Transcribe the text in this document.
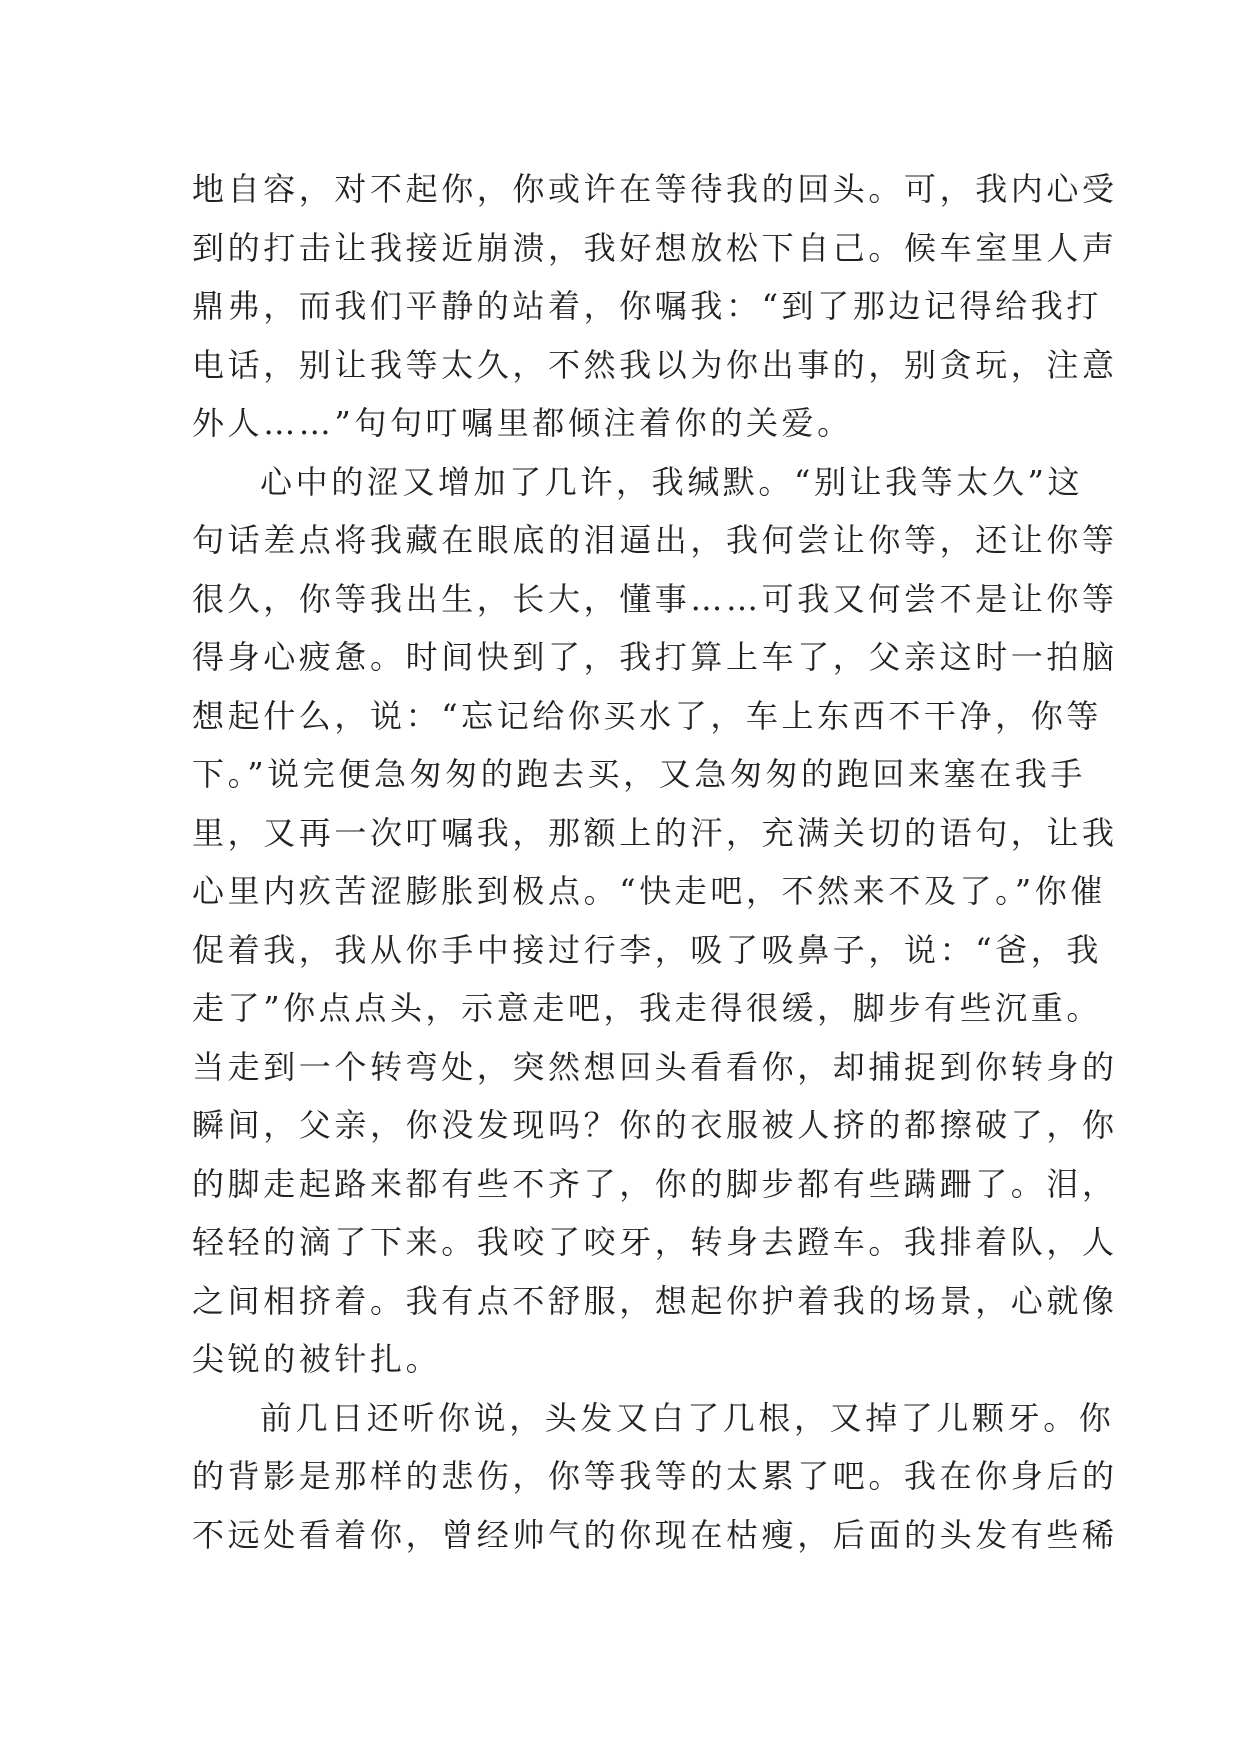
地自容，对不起你，你或许在等待我的回头。可，我内心受
到的打击让我接近崩溃，我好想放松下自己。候车室里人声
鼎弗，而我们平静的站着，你嘱我：“到了那边记得给我打
电话，别让我等太久，不然我以为你出事的，别贪玩，注意
外人……”句句叮嘱里都倾注着你的关爱。
心中的涩又增加了几许，我缄默。“别让我等太久”这
句话差点将我藏在眼底的泪逼出，我何尝让你等，还让你等
很久，你等我出生，长大，懂事……可我又何尝不是让你等
得身心疲惫。时间快到了，我打算上车了，父亲这时一拍脑
想起什么，说：“忘记给你买水了，车上东西不干净，你等
下。”说完便急匆匆的跑去买，又急匆匆的跑回来塞在我手
里，又再一次叮嘱我，那额上的汗，充满关切的语句，让我
心里内疚苦涩膨胀到极点。“快走吧，不然来不及了。”你催
促着我，我从你手中接过行李，吸了吸鼻子，说：“爸，我
走了”你点点头，示意走吧，我走得很缓，脚步有些沉重。
当走到一个转弯处，突然想回头看看你，却捕捉到你转身的
瞬间，父亲，你没发现吗？你的衣服被人挤的都擦破了，你
的脚走起路来都有些不齐了，你的脚步都有些蹒跚了。泪，
轻轻的滴了下来。我咬了咬牙，转身去蹬车。我排着队，人
之间相挤着。我有点不舒服，想起你护着我的场景，心就像
尖锐的被针扎。
前几日还听你说，头发又白了几根，又掉了儿颗牙。你
的背影是那样的悲伤，你等我等的太累了吧。我在你身后的
不远处看着你，曾经帅气的你现在枯瘦，后面的头发有些稀
